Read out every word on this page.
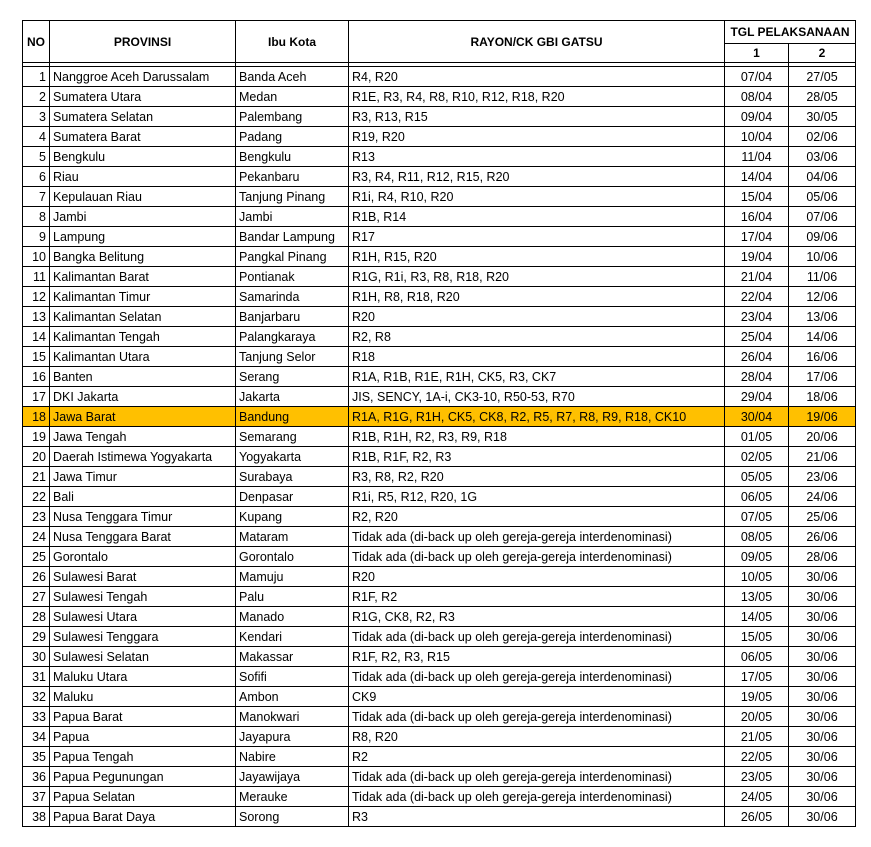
NO	PROVINSI	Ibu Kota	RAYON/CK GBI GATSU	TGL PELAKSANAAN	
				1	2

1	Nanggroe Aceh Darussalam	Banda Aceh	R4, R20	07/04	27/05
2	Sumatera Utara	Medan	R1E, R3, R4, R8, R10, R12, R18, R20	08/04	28/05
3	Sumatera Selatan	Palembang	R3, R13, R15	09/04	30/05
4	Sumatera Barat	Padang	R19, R20	10/04	02/06
5	Bengkulu	Bengkulu	R13	11/04	03/06
6	Riau	Pekanbaru	R3, R4, R11, R12, R15, R20	14/04	04/06
7	Kepulauan Riau	Tanjung Pinang	R1i, R4, R10, R20	15/04	05/06
8	Jambi	Jambi	R1B, R14	16/04	07/06
9	Lampung	Bandar Lampung	R17	17/04	09/06
10	Bangka Belitung	Pangkal Pinang	R1H, R15, R20	19/04	10/06
11	Kalimantan Barat	Pontianak	R1G, R1i, R3, R8, R18, R20	21/04	11/06
12	Kalimantan Timur	Samarinda	R1H, R8, R18, R20	22/04	12/06
13	Kalimantan Selatan	Banjarbaru	R20	23/04	13/06
14	Kalimantan Tengah	Palangkaraya	R2, R8	25/04	14/06
15	Kalimantan Utara	Tanjung Selor	R18	26/04	16/06
16	Banten	Serang	R1A, R1B, R1E, R1H, CK5, R3, CK7	28/04	17/06
17	DKI Jakarta	Jakarta	JIS, SENCY, 1A-i, CK3-10, R50-53, R70	29/04	18/06
18	Jawa Barat	Bandung	R1A, R1G, R1H, CK5, CK8, R2, R5, R7, R8, R9, R18, CK10	30/04	19/06
19	Jawa Tengah	Semarang	R1B, R1H, R2, R3, R9, R18	01/05	20/06
20	Daerah Istimewa Yogyakarta	Yogyakarta	R1B, R1F, R2, R3	02/05	21/06
21	Jawa Timur	Surabaya	R3, R8, R2, R20	05/05	23/06
22	Bali	Denpasar	R1i, R5, R12, R20, 1G	06/05	24/06
23	Nusa Tenggara Timur	Kupang	R2, R20	07/05	25/06
24	Nusa Tenggara Barat	Mataram	Tidak ada (di-back up oleh gereja-gereja interdenominasi)	08/05	26/06
25	Gorontalo	Gorontalo	Tidak ada (di-back up oleh gereja-gereja interdenominasi)	09/05	28/06
26	Sulawesi Barat	Mamuju	R20	10/05	30/06
27	Sulawesi Tengah	Palu	R1F, R2	13/05	30/06
28	Sulawesi Utara	Manado	R1G, CK8, R2, R3	14/05	30/06
29	Sulawesi Tenggara	Kendari	Tidak ada (di-back up oleh gereja-gereja interdenominasi)	15/05	30/06
30	Sulawesi Selatan	Makassar	R1F, R2, R3, R15	06/05	30/06
31	Maluku Utara	Sofifi	Tidak ada (di-back up oleh gereja-gereja interdenominasi)	17/05	30/06
32	Maluku	Ambon	CK9	19/05	30/06
33	Papua Barat	Manokwari	Tidak ada (di-back up oleh gereja-gereja interdenominasi)	20/05	30/06
34	Papua	Jayapura	R8, R20	21/05	30/06
35	Papua Tengah	Nabire	R2	22/05	30/06
36	Papua Pegunungan	Jayawijaya	Tidak ada (di-back up oleh gereja-gereja interdenominasi)	23/05	30/06
37	Papua Selatan	Merauke	Tidak ada (di-back up oleh gereja-gereja interdenominasi)	24/05	30/06
38	Papua Barat Daya	Sorong	R3	26/05	30/06
